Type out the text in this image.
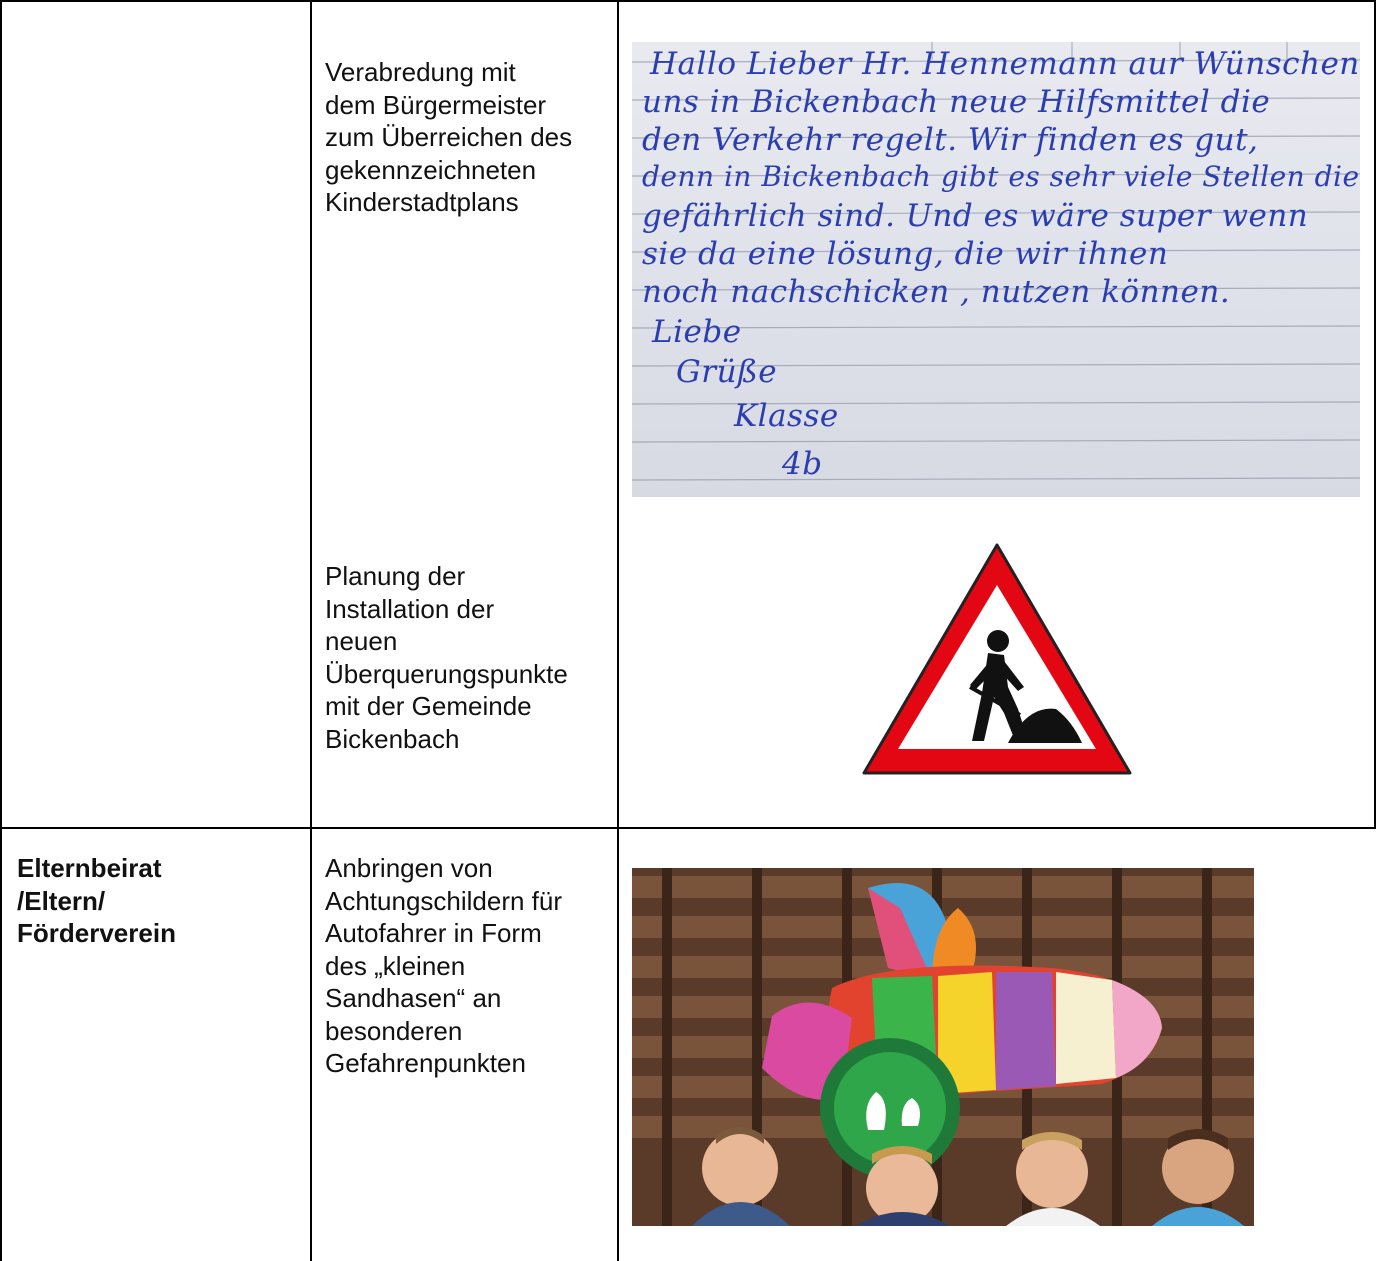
Verabredung mit

dem Bürgermeister

zum Überreichen des

gekennzeichneten

Kinderstadtplans

Planung der

Installation der

neuen

Überquerungspunkte

mit der Gemeinde

Bickenbach

Hallo Lieber Hr. Hennemann aur Wünschen
uns in Bickenbach neue Hilfsmittel die
den Verkehr regelt. Wir finden es gut,
denn in Bickenbach gibt es sehr viele Stellen die
gefährlich sind. Und es wäre super wenn
sie da eine lösung, die wir ihnen
noch nachschicken , nutzen können.
Liebe
Grüße
Klasse
4b

Elternbeirat

/Eltern/

Förderverein

Anbringen von

Achtungschildern für

Autofahrer in Form

des „kleinen

Sandhasen“ an

besonderen

Gefahrenpunkten
